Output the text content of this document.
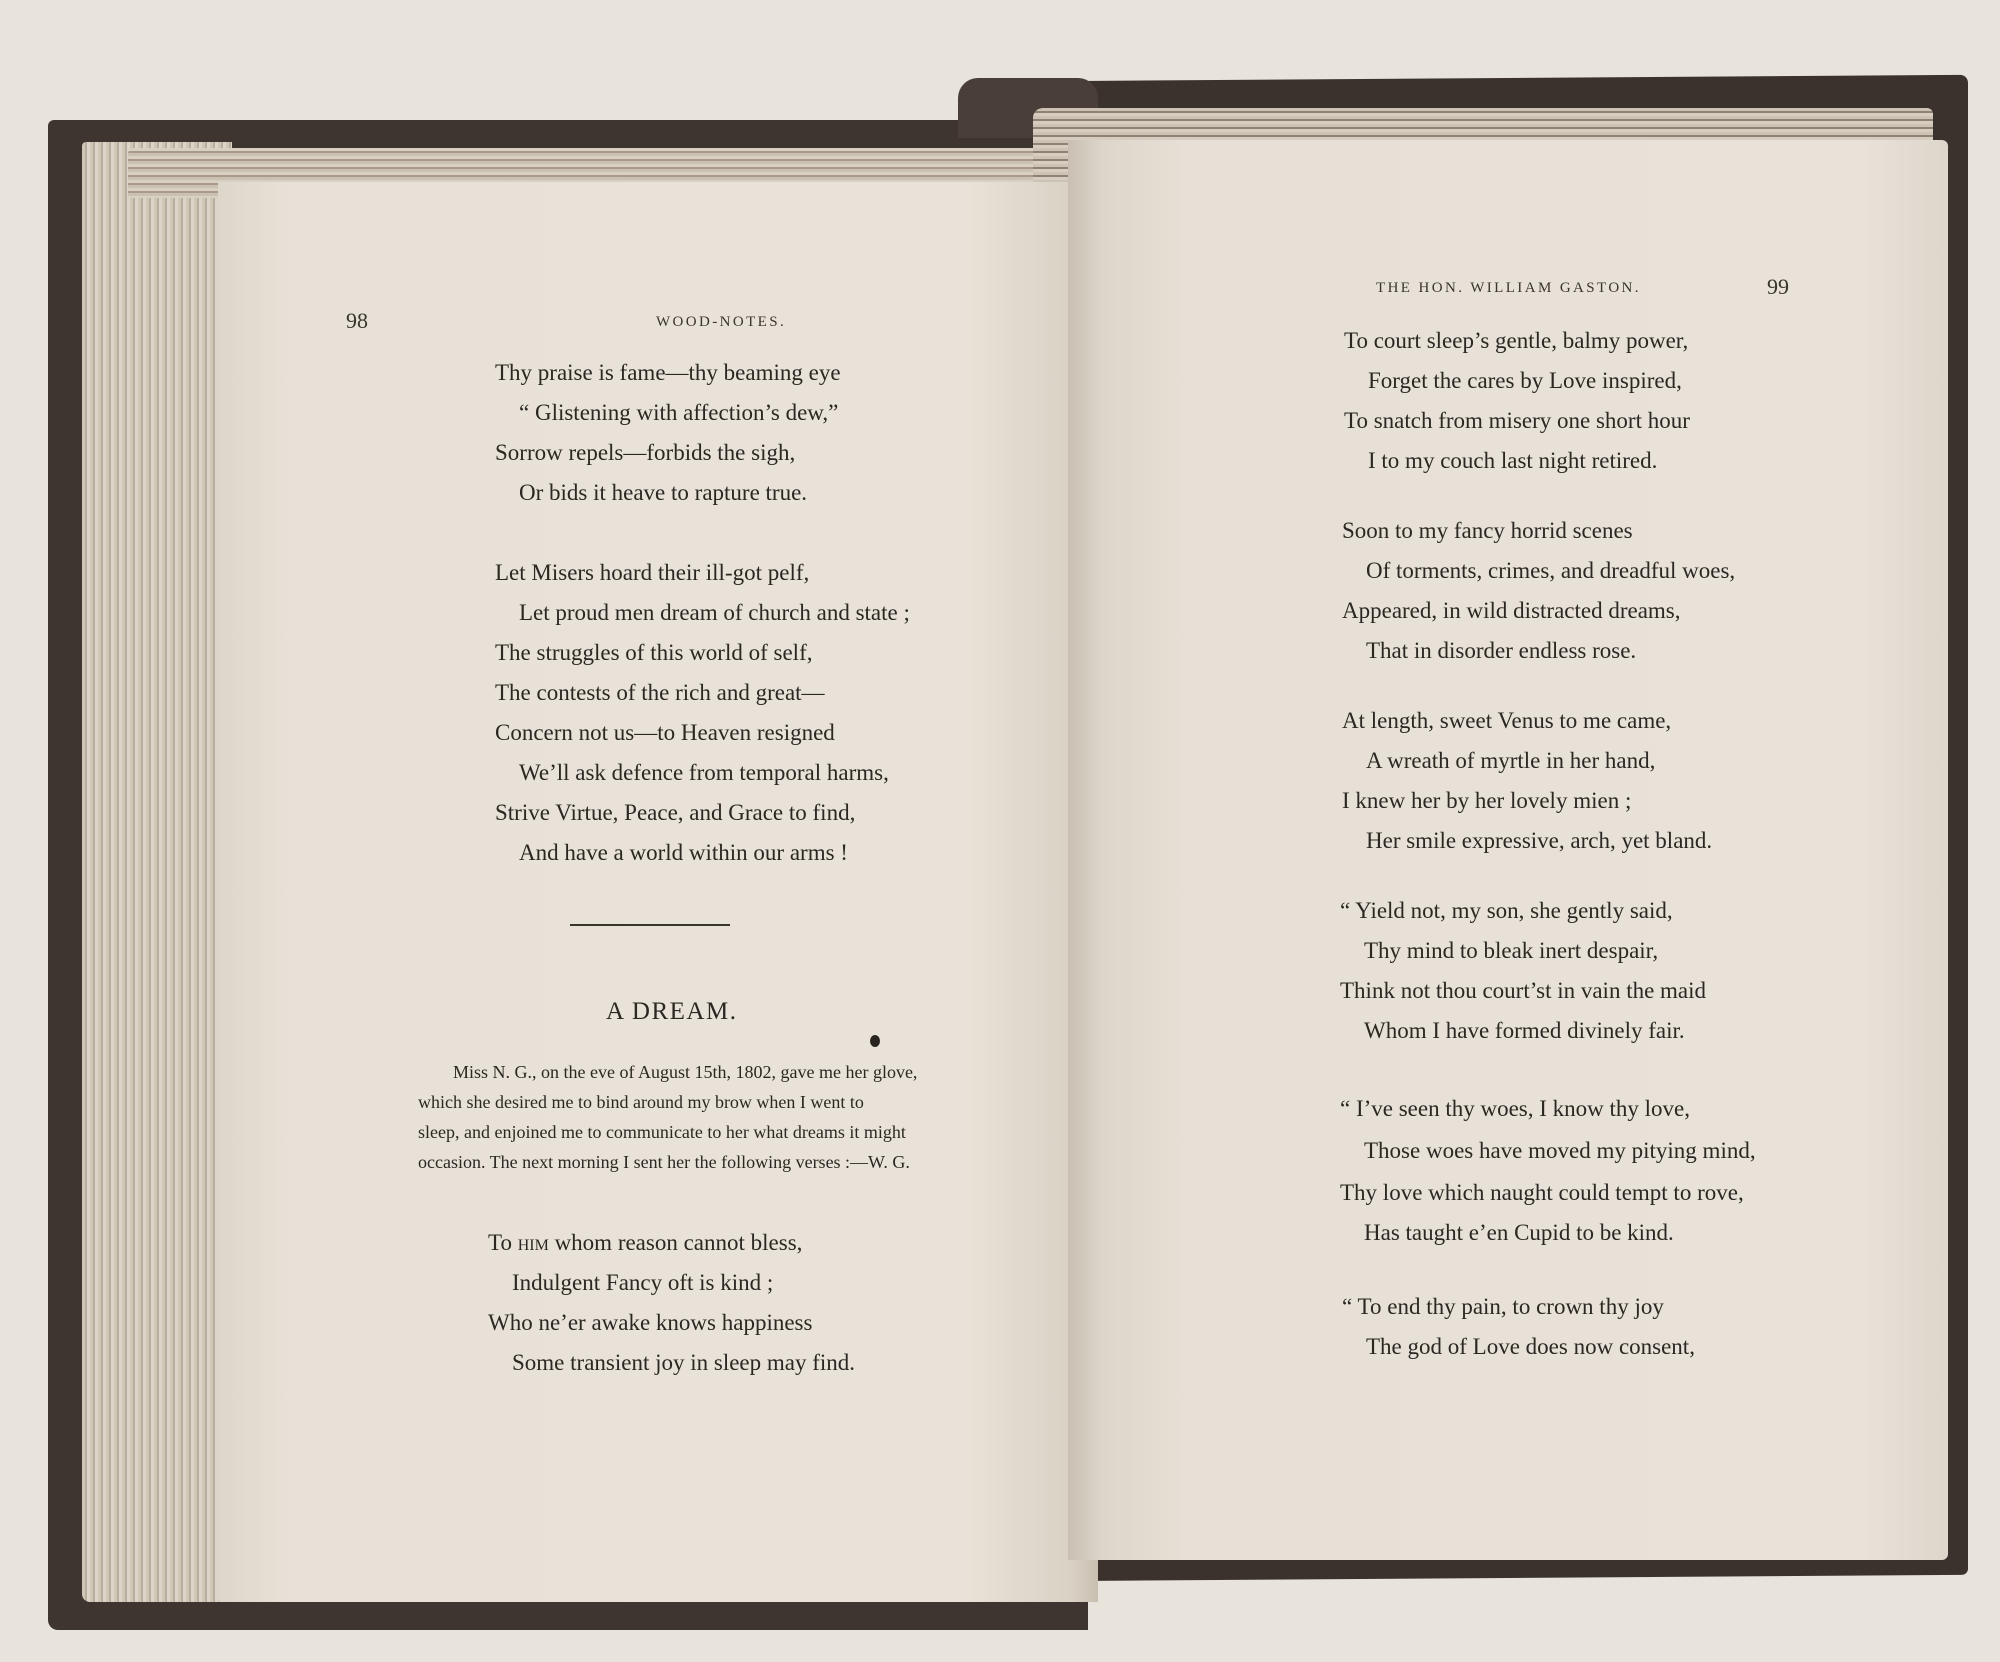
98	WOOD-NOTES.
Thy praise is fame—thy beaming eye
“ Glistening with affection’s dew,”
Sorrow repels—forbids the sigh,
Or bids it heave to rapture true.
Let Misers hoard their ill-got pelf,
Let proud men dream of church and state ;
The struggles of this world of self,
The contests of the rich and great—
Concern not us—to Heaven resigned
We’ll ask defence from temporal harms,
Strive Virtue, Peace, and Grace to find,
And have a world within our arms !
A DREAM.
Miss N. G., on the eve of August 15th, 1802, gave me her glove,
which she desired me to bind around my brow when I went to
sleep, and enjoined me to communicate to her what dreams it might
occasion. The next morning I sent her the following verses :—W. G.
To him whom reason cannot bless,
Indulgent Fancy oft is kind ;
Who ne’er awake knows happiness
Some transient joy in sleep may find.
THE HON. WILLIAM GASTON.	99
To court sleep’s gentle, balmy power,
Forget the cares by Love inspired,
To snatch from misery one short hour
I to my couch last night retired.
Soon to my fancy horrid scenes
Of torments, crimes, and dreadful woes,
Appeared, in wild distracted dreams,
That in disorder endless rose.
At length, sweet Venus to me came,
A wreath of myrtle in her hand,
I knew her by her lovely mien ;
Her smile expressive, arch, yet bland.
“ Yield not, my son, she gently said,
Thy mind to bleak inert despair,
Think not thou court’st in vain the maid
Whom I have formed divinely fair.
“ I’ve seen thy woes, I know thy love,
Those woes have moved my pitying mind,
Thy love which naught could tempt to rove,
Has taught e’en Cupid to be kind.
“ To end thy pain, to crown thy joy
The god of Love does now consent,
